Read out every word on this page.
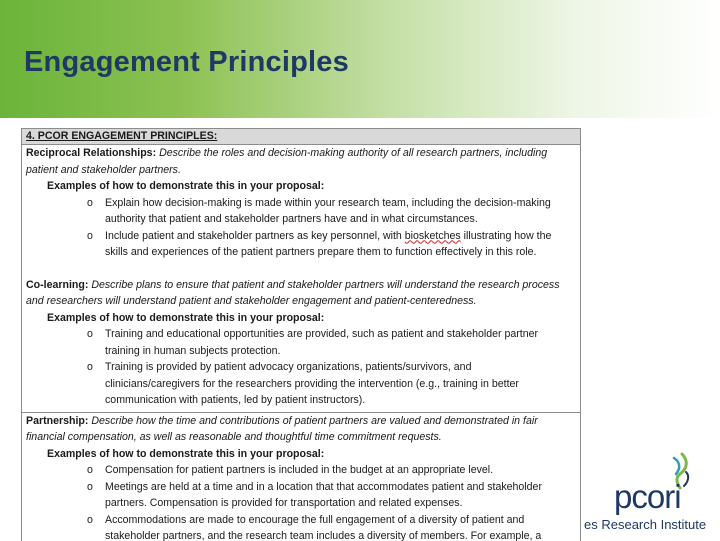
Engagement Principles
4. PCOR ENGAGEMENT PRINCIPLES:

Reciprocal Relationships: Describe the roles and decision-making authority of all research partners, including

patient and stakeholder partners.

Examples of how to demonstrate this in your proposal:

o	Explain how decision-making is made within your research team, including the decision-making
authority that patient and stakeholder partners have and in what circumstances.
o	Include patient and stakeholder partners as key personnel, with biosketches illustrating how the
skills and experiences of the patient partners prepare them to function effectively in this role.

Co-learning: Describe plans to ensure that patient and stakeholder partners will understand the research process

and researchers will understand patient and stakeholder engagement and patient-centeredness.

Examples of how to demonstrate this in your proposal:

o	Training and educational opportunities are provided, such as patient and stakeholder partner
training in human subjects protection.
o	Training is provided by patient advocacy organizations, patients/survivors, and
clinicians/caregivers for the researchers providing the intervention (e.g., training in better
communication with patients, led by patient instructors).

Partnership: Describe how the time and contributions of patient partners are valued and demonstrated in fair

financial compensation, as well as reasonable and thoughtful time commitment requests.

Examples of how to demonstrate this in your proposal:

o	Compensation for patient partners is included in the budget at an appropriate level.
o	Meetings are held at a time and in a location that that accommodates patient and stakeholder
partners. Compensation is provided for transportation and related expenses.
o	Accommodations are made to encourage the full engagement of a diversity of patient and
stakeholder partners, and the research team includes a diversity of members. For example, a
pcori
es Research Institute
